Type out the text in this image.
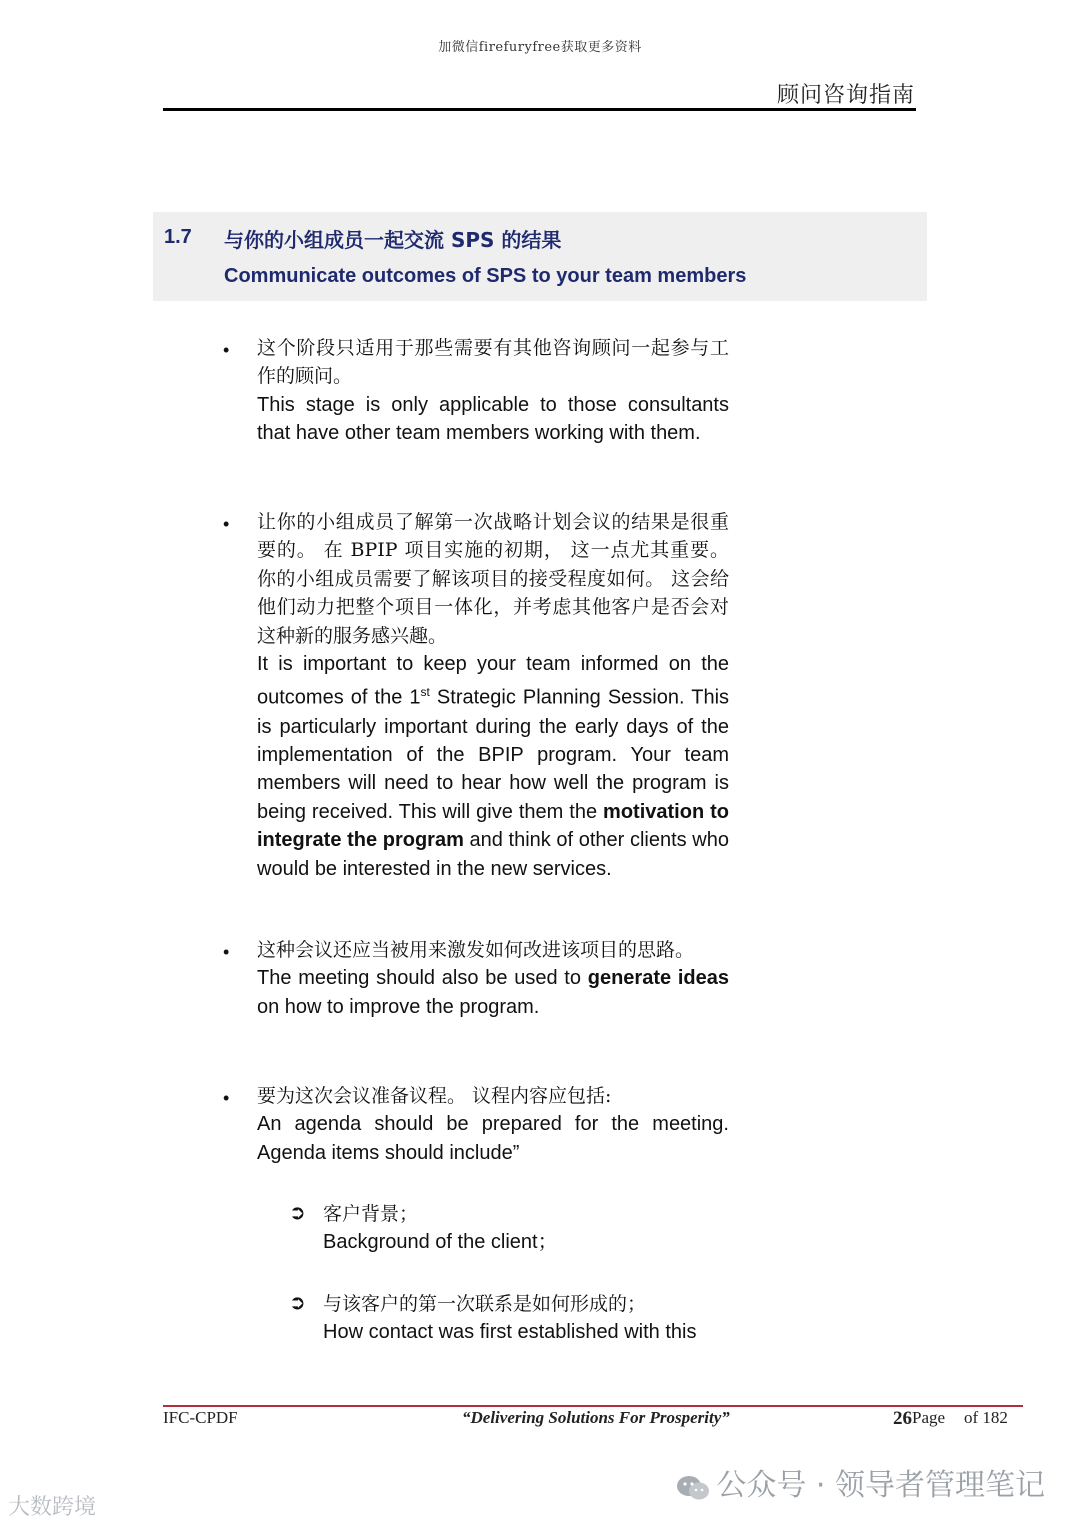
加微信firefuryfree获取更多资料
顾问咨询指南
1.7 与你的小组成员一起交流 SPS 的结果
Communicate outcomes of SPS to your team members
• 这个阶段只适用于那些需要有其他咨询顾问一起参与工作的顾问。
This stage is only applicable to those consultants that have other team members working with them.
• 让你的小组成员了解第一次战略计划会议的结果是很重要的。 在 BPIP 项目实施的初期， 这一点尤其重要。 你的小组成员需要了解该项目的接受程度如何。 这会给他们动力把整个项目一体化，并考虑其他客户是否会对这种新的服务感兴趣。
It is important to keep your team informed on the outcomes of the 1st Strategic Planning Session. This is particularly important during the early days of the implementation of the BPIP program. Your team members will need to hear how well the program is being received. This will give them the motivation to integrate the program and think of other clients who would be interested in the new services.
• 这种会议还应当被用来激发如何改进该项目的思路。
The meeting should also be used to generate ideas on how to improve the program.
• 要为这次会议准备议程。 议程内容应包括:
An agenda should be prepared for the meeting. Agenda items should include”
➲ 客户背景；
Background of the client；
➲ 与该客户的第一次联系是如何形成的；
How contact was first established with this
IFC-CPDF	“Delivering Solutions For Prosperity”	26 Page of 182
公众号 · 领导者管理笔记
大数跨境
